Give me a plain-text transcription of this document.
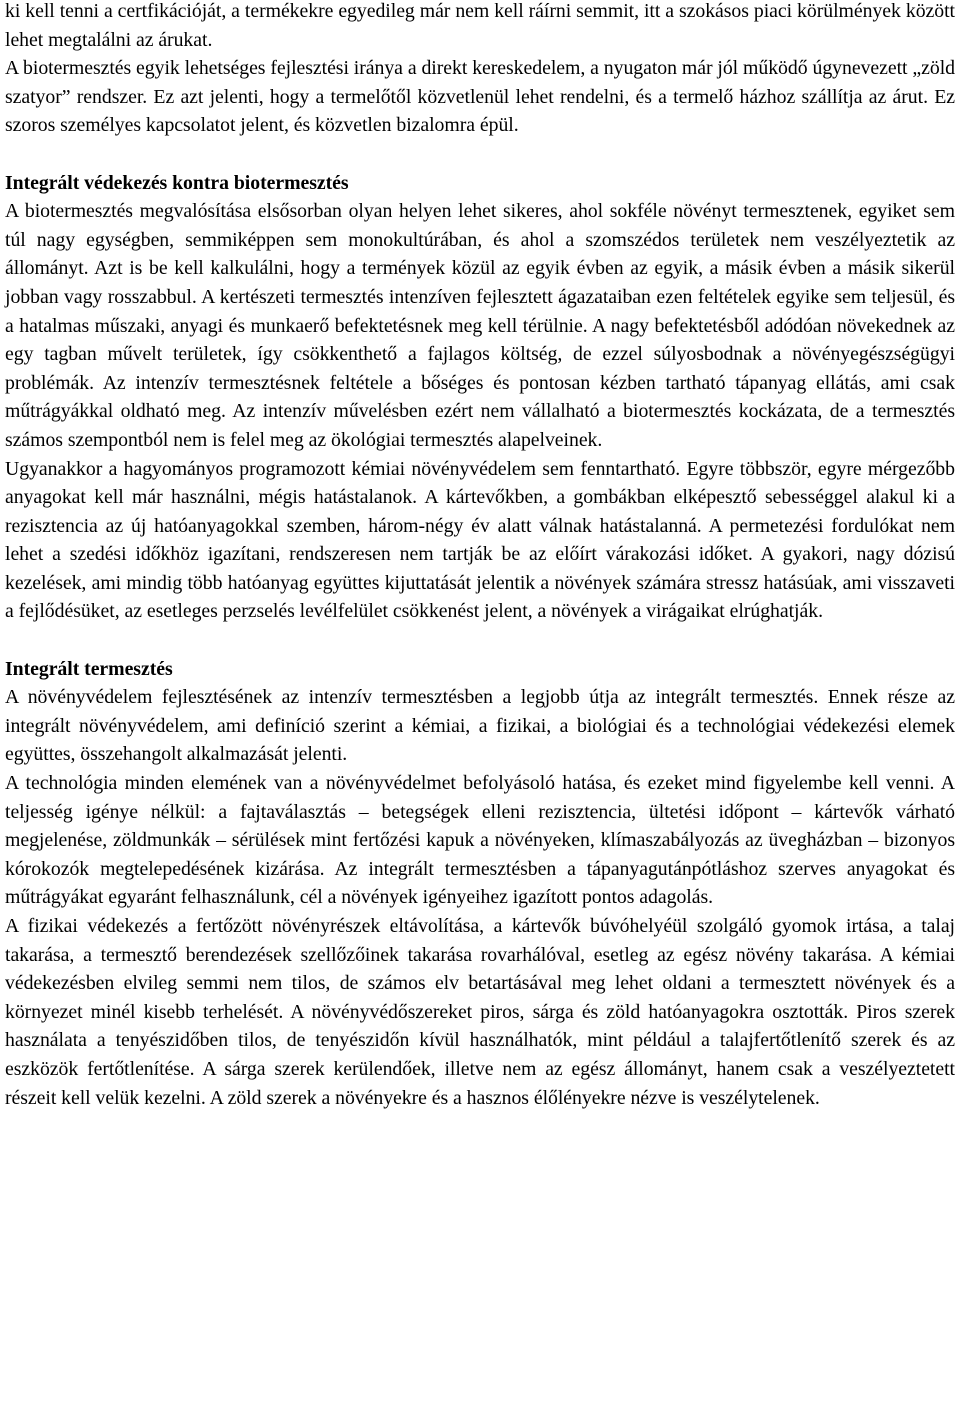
ki kell tenni a certfikációját, a termékekre egyedileg már nem kell ráírni semmit, itt a szokásos piaci körülmények között lehet megtalálni az árukat.

A biotermesztés egyik lehetséges fejlesztési iránya a direkt kereskedelem, a nyugaton már jól működő úgynevezett „zöld szatyor” rendszer. Ez azt jelenti, hogy a termelőtől közvetlenül lehet rendelni, és a termelő házhoz szállítja az árut. Ez szoros személyes kapcsolatot jelent, és közvetlen bizalomra épül.

Integrált védekezés kontra biotermesztés

A biotermesztés megvalósítása elsősorban olyan helyen lehet sikeres, ahol sokféle növényt termesztenek, egyiket sem túl nagy egységben, semmiképpen sem monokultúrában, és ahol a szomszédos területek nem veszélyeztetik az állományt. Azt is be kell kalkulálni, hogy a termények közül az egyik évben az egyik, a másik évben a másik sikerül jobban vagy rosszabbul. A kertészeti termesztés intenzíven fejlesztett ágazataiban ezen feltételek egyike sem teljesül, és a hatalmas műszaki, anyagi és munkaerő befektetésnek meg kell térülnie. A nagy befektetésből adódóan növekednek az egy tagban művelt területek, így csökkenthető a fajlagos költség, de ezzel súlyosbodnak a növényegészségügyi problémák. Az intenzív termesztésnek feltétele a bőséges és pontosan kézben tartható tápanyag ellátás, ami csak műtrágyákkal oldható meg. Az intenzív művelésben ezért nem vállalható a biotermesztés kockázata, de a termesztés számos szempontból nem is felel meg az ökológiai termesztés alapelveinek.

Ugyanakkor a hagyományos programozott kémiai növényvédelem sem fenntartható. Egyre többször, egyre mérgezőbb anyagokat kell már használni, mégis hatástalanok. A kártevőkben, a gombákban elképesztő sebességgel alakul ki a rezisztencia az új hatóanyagokkal szemben, három-négy év alatt válnak hatástalanná. A permetezési fordulókat nem lehet a szedési időkhöz igazítani, rendszeresen nem tartják be az előírt várakozási időket. A gyakori, nagy dózisú kezelések, ami mindig több hatóanyag együttes kijuttatását jelentik a növények számára stressz hatásúak, ami visszaveti a fejlődésüket, az esetleges perzselés levélfelület csökkenést jelent, a növények a virágaikat elrúghatják.

Integrált termesztés

A növényvédelem fejlesztésének az intenzív termesztésben a legjobb útja az integrált termesztés. Ennek része az integrált növényvédelem, ami definíció szerint a kémiai, a fizikai, a biológiai és a technológiai védekezési elemek együttes, összehangolt alkalmazását jelenti.

A technológia minden elemének van a növényvédelmet befolyásoló hatása, és ezeket mind figyelembe kell venni. A teljesség igénye nélkül: a fajtaválasztás – betegségek elleni rezisztencia, ültetési időpont – kártevők várható megjelenése, zöldmunkák – sérülések mint fertőzési kapuk a növényeken, klímaszabályozás az üvegházban – bizonyos kórokozók megtelepedésének kizárása. Az integrált termesztésben a tápanyagutánpótláshoz szerves anyagokat és műtrágyákat egyaránt felhasználunk, cél a növények igényeihez igazított pontos adagolás.

A fizikai védekezés a fertőzött növényrészek eltávolítása, a kártevők búvóhelyéül szolgáló gyomok irtása, a talaj takarása, a termesztő berendezések szellőzőinek takarása rovarhálóval, esetleg az egész növény takarása. A kémiai védekezésben elvileg semmi nem tilos, de számos elv betartásával meg lehet oldani a termesztett növények és a környezet minél kisebb terhelését. A növényvédőszereket piros, sárga és zöld hatóanyagokra osztották. Piros szerek használata a tenyészidőben tilos, de tenyészidőn kívül használhatók, mint például a talajfertőtlenítő szerek és az eszközök fertőtlenítése. A sárga szerek kerülendőek, illetve nem az egész állományt, hanem csak a veszélyeztetett részeit kell velük kezelni. A zöld szerek a növényekre és a hasznos élőlényekre nézve is veszélytelenek.
